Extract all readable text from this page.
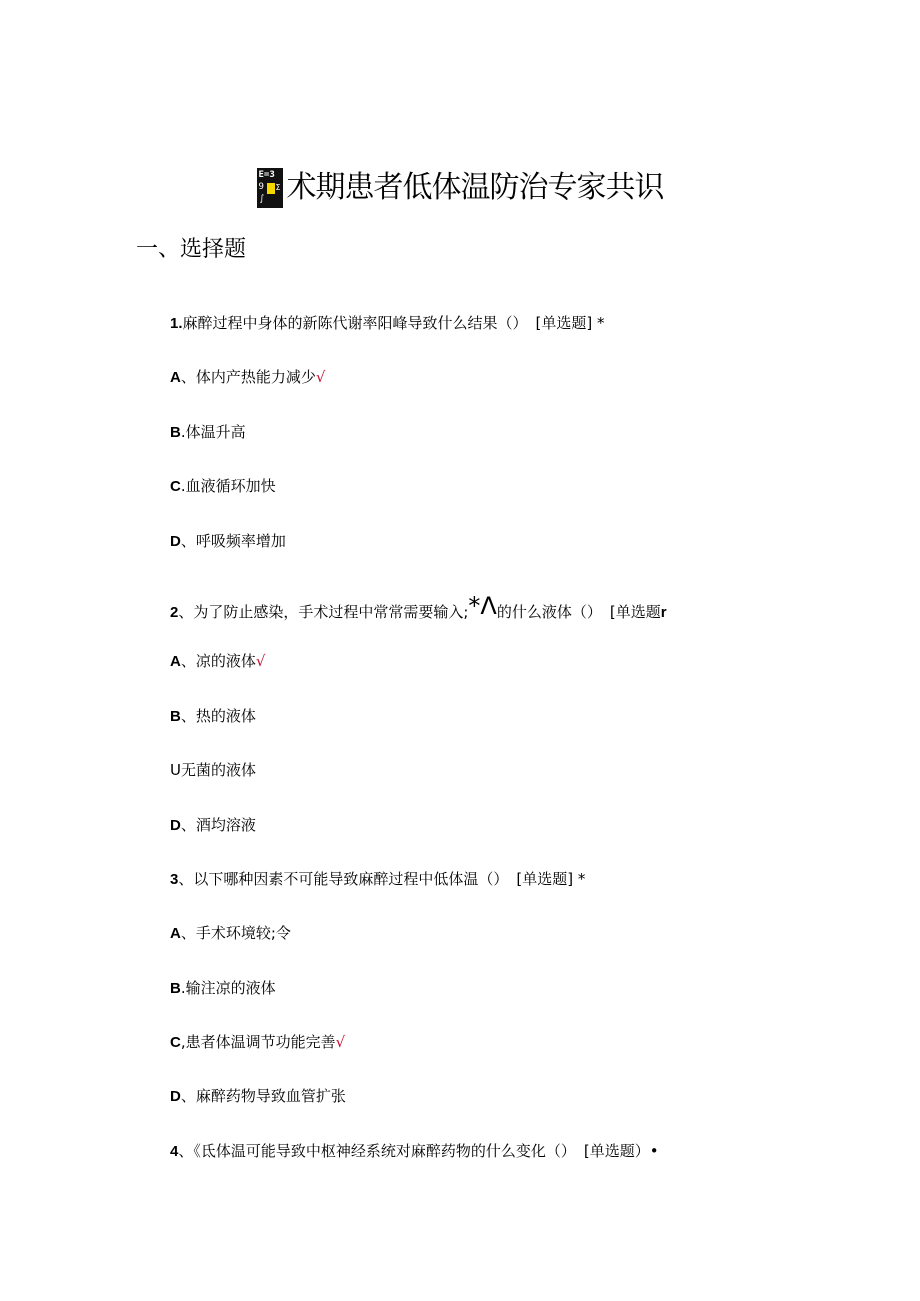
E=3
9 Σ
∫ 术期患者低体温防治专家共识
一、选择题
1.麻醉过程中身体的新陈代谢率阳峰导致什么结果（） [单选题] *
A、体内产热能力减少√
B.体温升高
C.血液循环加快
D、呼吸频率增加
2、为了防止感染，手术过程中常常需要输入;*Λ的什么液体（） [单选题r
A、凉的液体√
B、热的液体
U无菌的液体
D、酒均溶液
3、以下哪种因素不可能导致麻醉过程中低体温（） [单选题] *
A、手术环境较;令
B.输注凉的液体
C,患者体温调节功能完善√
D、麻醉药物导致血管扩张
4、《氐体温可能导致中枢神经系统对麻醉药物的什么变化（） [单选题）•
